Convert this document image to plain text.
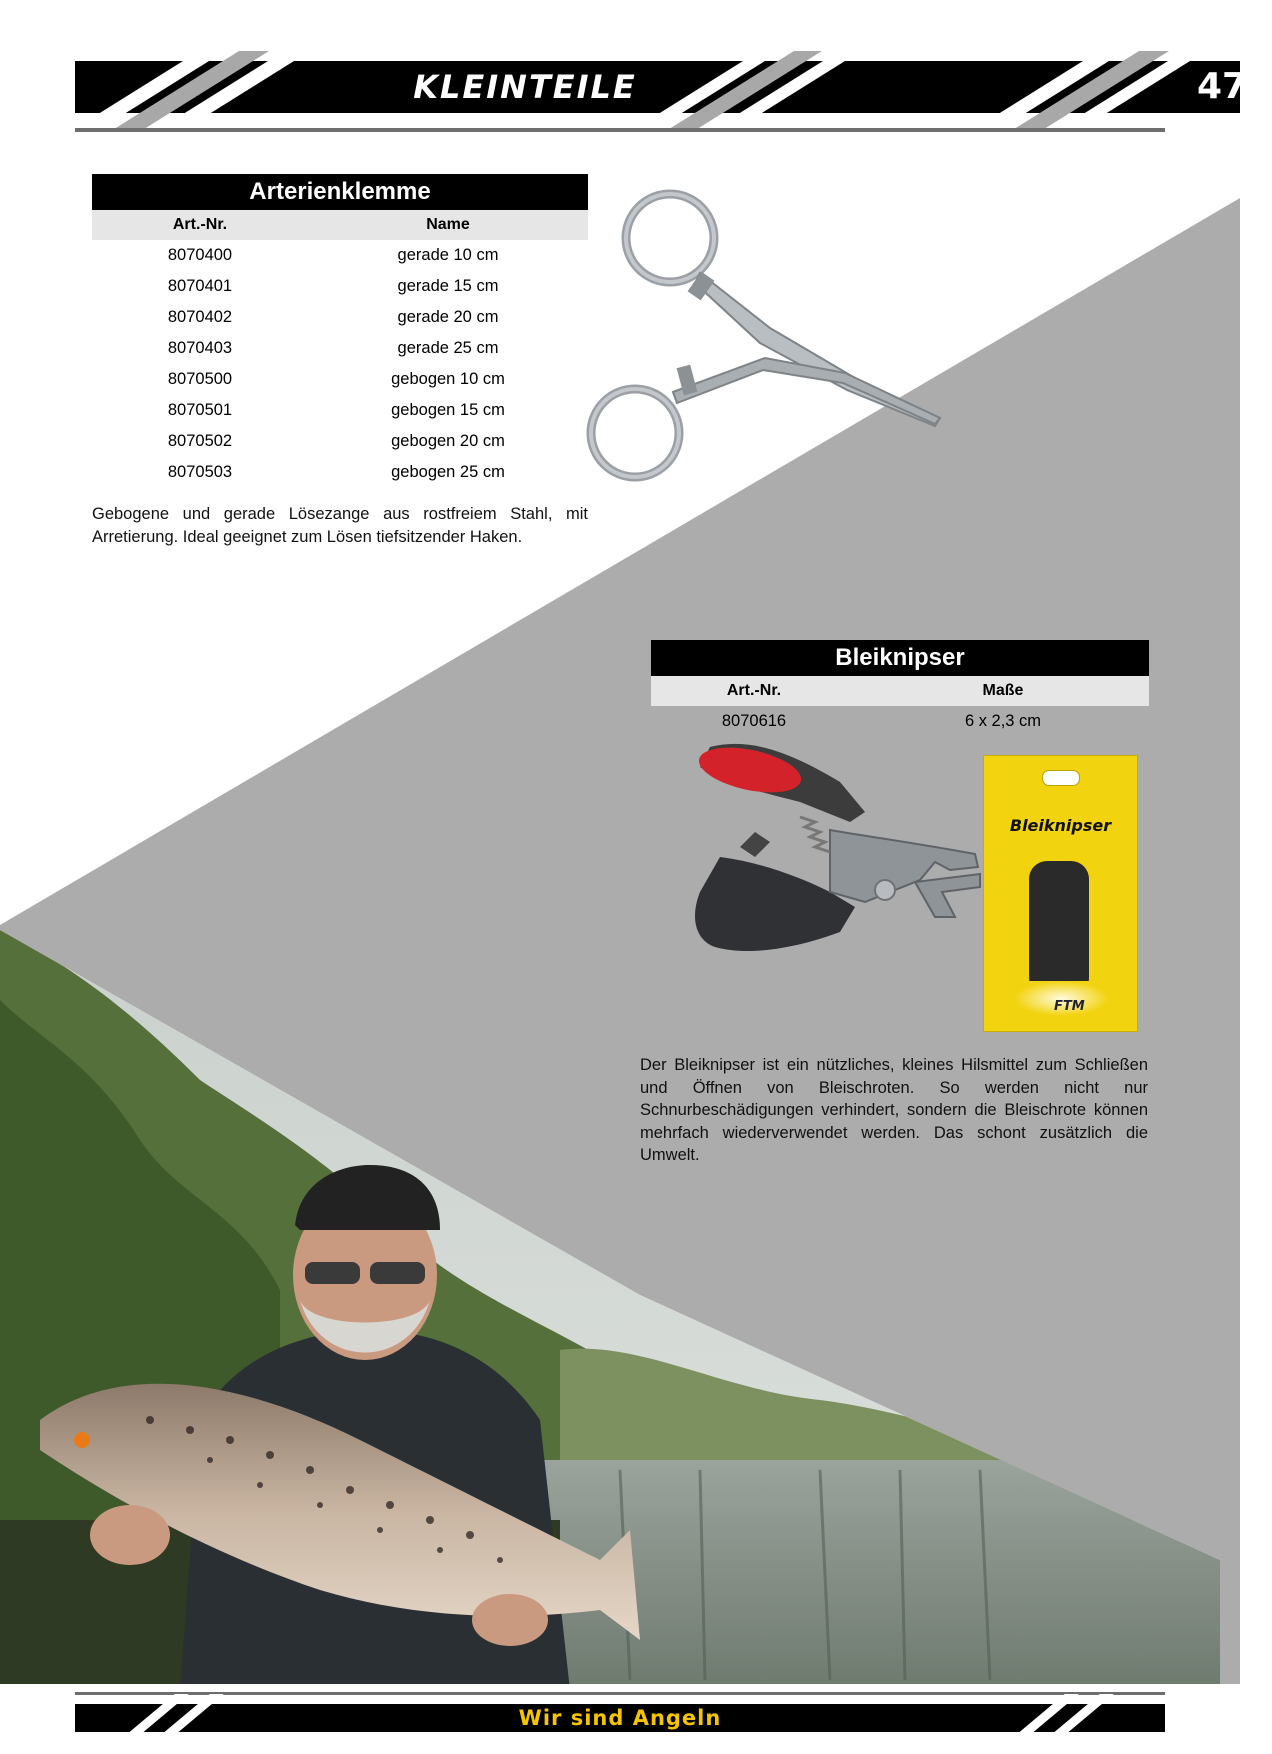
KLEINTEILE	479
Arterienklemme	
Art.-Nr.	Name
8070400	gerade 10 cm
8070401	gerade 15 cm
8070402	gerade 20 cm
8070403	gerade 25 cm
8070500	gebogen 10 cm
8070501	gebogen 15 cm
8070502	gebogen 20 cm
8070503	gebogen 25 cm
Gebogene und gerade Lösezange aus rostfreiem Stahl, mit Arretierung. Ideal geeignet zum Lösen tiefsitzender Haken.
Bleiknipser	
Art.-Nr.	Maße
8070616	6 x 2,3 cm
Bleiknipser
FTM
Der Bleiknipser ist ein nützliches, kleines Hilsmittel zum Schließen und Öffnen von Bleischroten. So werden nicht nur Schnurbeschädigungen verhindert, sondern die Bleischrote können mehrfach wiederverwendet werden. Das schont zusätzlich die Umwelt.
Wir sind Angeln
